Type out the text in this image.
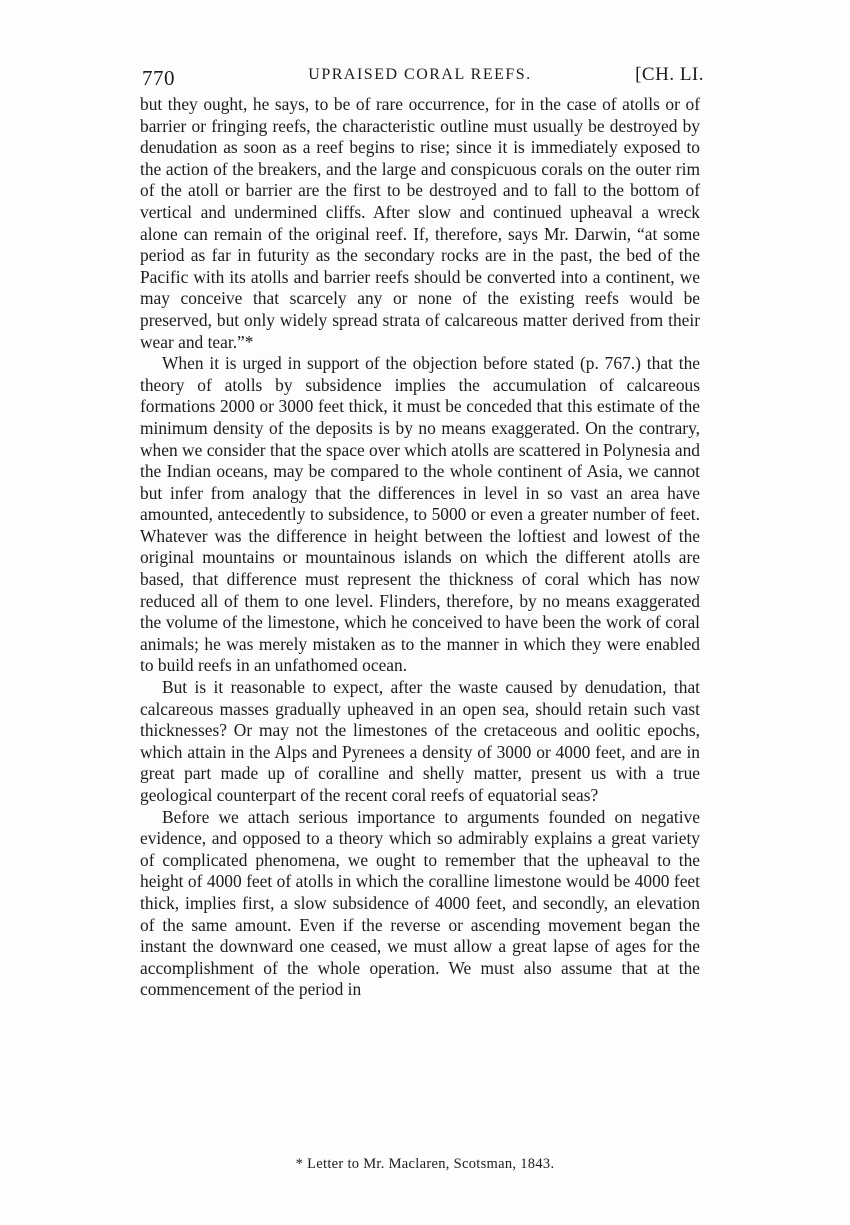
770	UPRAISED CORAL REEFS.	[CH. LI.

but they ought, he says, to be of rare occurrence, for in the case of atolls or of barrier or fringing reefs, the characteristic outline must usually be destroyed by denudation as soon as a reef begins to rise; since it is immediately exposed to the action of the breakers, and the large and conspicuous corals on the outer rim of the atoll or barrier are the first to be destroyed and to fall to the bottom of vertical and undermined cliffs. After slow and continued upheaval a wreck alone can remain of the original reef. If, therefore, says Mr. Darwin, “at some period as far in futurity as the secondary rocks are in the past, the bed of the Pacific with its atolls and barrier reefs should be converted into a continent, we may conceive that scarcely any or none of the existing reefs would be preserved, but only widely spread strata of calcareous matter derived from their wear and tear.”*

When it is urged in support of the objection before stated (p. 767.) that the theory of atolls by subsidence implies the accumulation of calcareous formations 2000 or 3000 feet thick, it must be conceded that this estimate of the minimum density of the deposits is by no means exaggerated. On the contrary, when we consider that the space over which atolls are scattered in Polynesia and the Indian oceans, may be compared to the whole continent of Asia, we cannot but infer from analogy that the differences in level in so vast an area have amounted, antecedently to subsidence, to 5000 or even a greater number of feet. Whatever was the difference in height between the loftiest and lowest of the original mountains or mountainous islands on which the different atolls are based, that difference must represent the thickness of coral which has now reduced all of them to one level. Flinders, therefore, by no means exaggerated the volume of the limestone, which he conceived to have been the work of coral animals; he was merely mistaken as to the manner in which they were enabled to build reefs in an unfathomed ocean.

But is it reasonable to expect, after the waste caused by denudation, that calcareous masses gradually upheaved in an open sea, should retain such vast thicknesses? Or may not the limestones of the cretaceous and oolitic epochs, which attain in the Alps and Pyrenees a density of 3000 or 4000 feet, and are in great part made up of coralline and shelly matter, present us with a true geological counterpart of the recent coral reefs of equatorial seas?

Before we attach serious importance to arguments founded on negative evidence, and opposed to a theory which so admirably explains a great variety of complicated phenomena, we ought to remember that the upheaval to the height of 4000 feet of atolls in which the coralline limestone would be 4000 feet thick, implies first, a slow subsidence of 4000 feet, and secondly, an elevation of the same amount. Even if the reverse or ascending movement began the instant the downward one ceased, we must allow a great lapse of ages for the accomplishment of the whole operation. We must also assume that at the commencement of the period in

* Letter to Mr. Maclaren, Scotsman, 1843.
